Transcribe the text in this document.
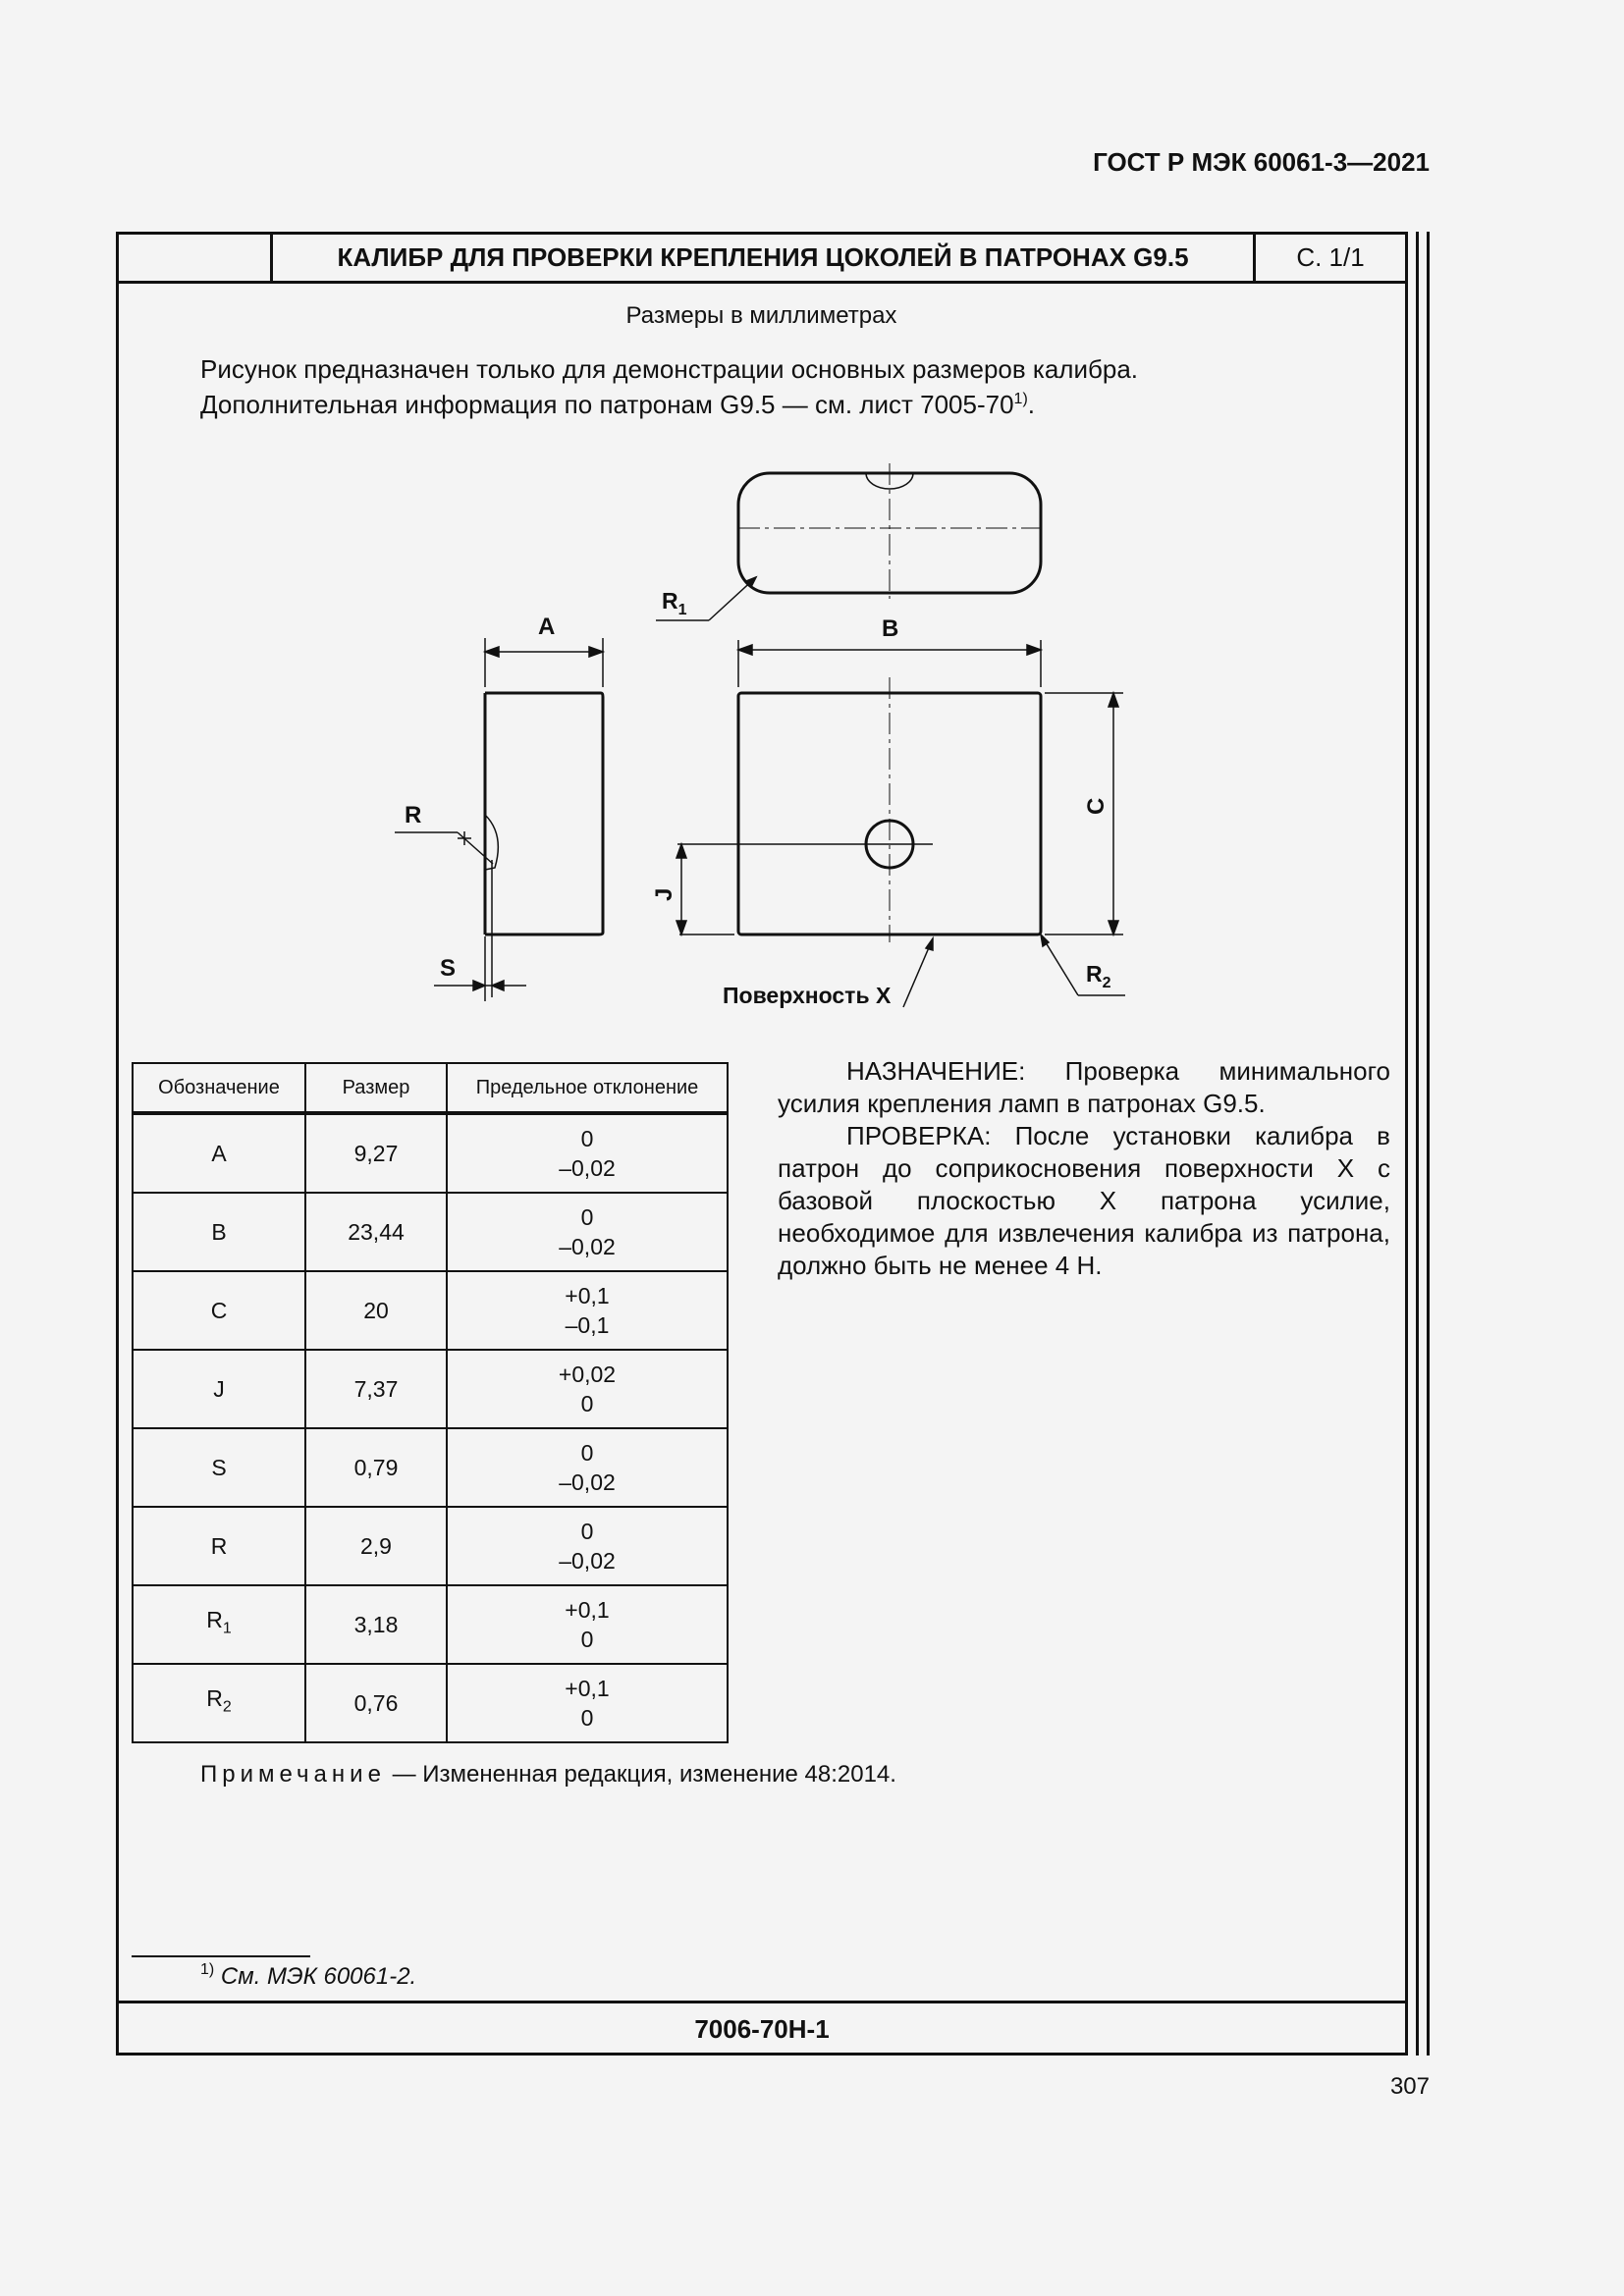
ГОСТ Р МЭК 60061-3—2021
КАЛИБР ДЛЯ ПРОВЕРКИ КРЕПЛЕНИЯ ЦОКОЛЕЙ В ПАТРОНАХ G9.5	С. 1/1
Размеры в миллиметрах

Рисунок предназначен только для демонстрации основных размеров калибра.

Дополнительная информация по патронам G9.5 — см. лист 7005-70$^{1)}$.

$R_1$
A
R
S
B
C
J
Поверхность X
$R_2$
Обозначение	Размер	Предельное отклонение
A	9,27	0
–0,02

B	23,44	0
–0,02

C	20	+0,1
–0,1

J	7,37	+0,02
0

S	0,79	0
–0,02

R	2,9	0
–0,02

$R_1$	3,18	+0,1
0

$R_2$	0,76	+0,1
0

НАЗНАЧЕНИЕ: Проверка минимального усилия крепления ламп в патронах G9.5.

ПРОВЕРКА: После установки калибра в патрон до соприкосновения поверхности X с базовой плоскостью X патрона усилие, необходимое для извлечения калибра из патрона, должно быть не менее 4 Н.

Примечание — Измененная редакция, изменение 48:2014.
$^{1)}$ См. МЭК 60061-2.
7006-70Н-1
307
